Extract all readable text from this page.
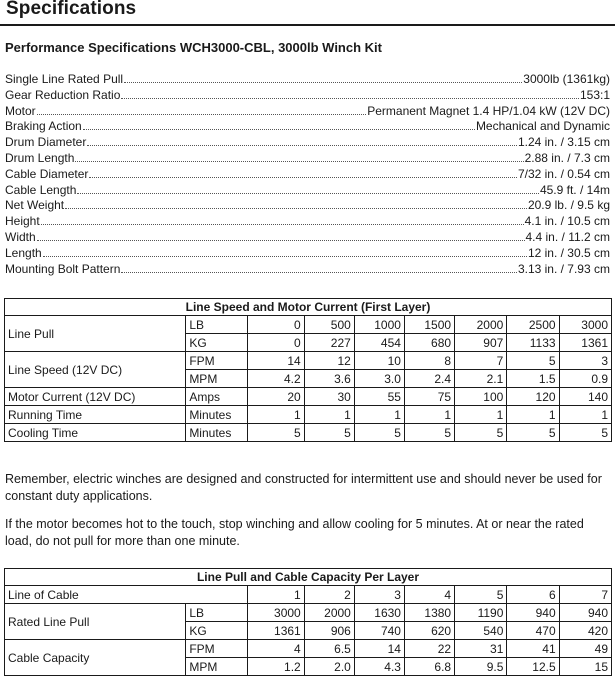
Specifications
Performance Specifications WCH3000-CBL, 3000lb Winch Kit
Single Line Rated Pull	3000lb (1361kg)
Gear Reduction Ratio	153:1
Motor	Permanent Magnet 1.4 HP/1.04 kW (12V DC)
Braking Action	Mechanical and Dynamic
Drum Diameter	1.24 in. / 3.15 cm
Drum Length	2.88 in. / 7.3 cm
Cable Diameter	7/32 in. / 0.54 cm
Cable Length	45.9 ft. / 14m
Net Weight	20.9 lb. / 9.5 kg
Height	4.1 in. / 10.5 cm
Width	4.4 in. / 11.2 cm
Length	12 in. / 30.5 cm
Mounting Bolt Pattern	3.13 in. / 7.93 cm
Line Speed and Motor Current (First Layer)								
Line Pull	LB	0	500	1000	1500	2000	2500	3000
	KG	0	227	454	680	907	1133	1361
Line Speed (12V DC)	FPM	14	12	10	8	7	5	3
	MPM	4.2	3.6	3.0	2.4	2.1	1.5	0.9
Motor Current (12V DC)	Amps	20	30	55	75	100	120	140
Running Time	Minutes	1	1	1	1	1	1	1
Cooling Time	Minutes	5	5	5	5	5	5	5
Remember, electric winches are designed and constructed for intermittent use and should never be used for constant duty applications.
If the motor becomes hot to the touch, stop winching and allow cooling for 5 minutes. At or near the rated load, do not pull for more than one minute.
Line Pull and Cable Capacity Per Layer								
Line of Cable		1	2	3	4	5	6	7
Rated Line Pull	LB	3000	2000	1630	1380	1190	940	940
	KG	1361	906	740	620	540	470	420
Cable Capacity	FPM	4	6.5	14	22	31	41	49
	MPM	1.2	2.0	4.3	6.8	9.5	12.5	15
